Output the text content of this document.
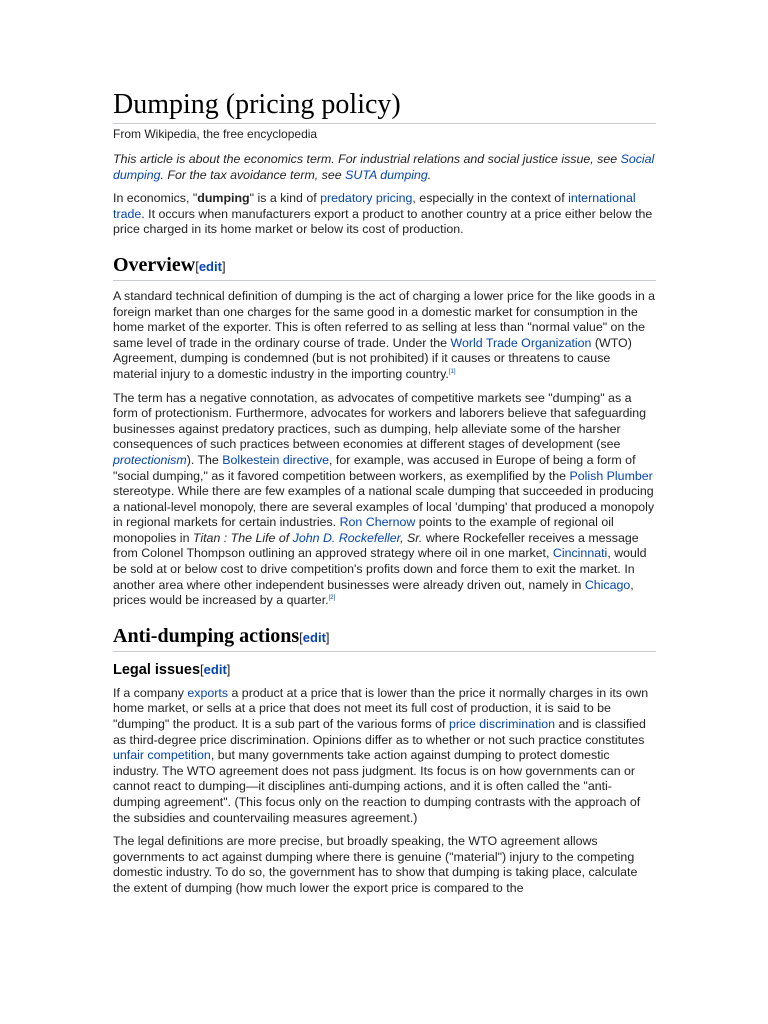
Dumping (pricing policy)
From Wikipedia, the free encyclopedia

This article is about the economics term. For industrial relations and social justice issue, see Social dumping. For the tax avoidance term, see SUTA dumping.

In economics, "dumping" is a kind of predatory pricing, especially in the context of international trade. It occurs when manufacturers export a product to another country at a price either below the price charged in its home market or below its cost of production.

Overview[edit]

A standard technical definition of dumping is the act of charging a lower price for the like goods in a foreign market than one charges for the same good in a domestic market for consumption in the home market of the exporter. This is often referred to as selling at less than "normal value" on the same level of trade in the ordinary course of trade. Under the World Trade Organization (WTO) Agreement, dumping is condemned (but is not prohibited) if it causes or threatens to cause material injury to a domestic industry in the importing country.[1]

The term has a negative connotation, as advocates of competitive markets see "dumping" as a form of protectionism. Furthermore, advocates for workers and laborers believe that safeguarding businesses against predatory practices, such as dumping, help alleviate some of the harsher consequences of such practices between economies at different stages of development (see protectionism). The Bolkestein directive, for example, was accused in Europe of being a form of "social dumping," as it favored competition between workers, as exemplified by the Polish Plumber stereotype. While there are few examples of a national scale dumping that succeeded in producing a national-level monopoly, there are several examples of local 'dumping' that produced a monopoly in regional markets for certain industries. Ron Chernow points to the example of regional oil monopolies in Titan : The Life of John D. Rockefeller, Sr. where Rockefeller receives a message from Colonel Thompson outlining an approved strategy where oil in one market, Cincinnati, would be sold at or below cost to drive competition's profits down and force them to exit the market. In another area where other independent businesses were already driven out, namely in Chicago, prices would be increased by a quarter.[2]

Anti-dumping actions[edit]
Legal issues[edit]

If a company exports a product at a price that is lower than the price it normally charges in its own home market, or sells at a price that does not meet its full cost of production, it is said to be "dumping" the product. It is a sub part of the various forms of price discrimination and is classified as third-degree price discrimination. Opinions differ as to whether or not such practice constitutes unfair competition, but many governments take action against dumping to protect domestic industry. The WTO agreement does not pass judgment. Its focus is on how governments can or cannot react to dumping—it disciplines anti-dumping actions, and it is often called the "anti-dumping agreement". (This focus only on the reaction to dumping contrasts with the approach of the subsidies and countervailing measures agreement.)

The legal definitions are more precise, but broadly speaking, the WTO agreement allows governments to act against dumping where there is genuine ("material") injury to the competing domestic industry. To do so, the government has to show that dumping is taking place, calculate the extent of dumping (how much lower the export price is compared to the
